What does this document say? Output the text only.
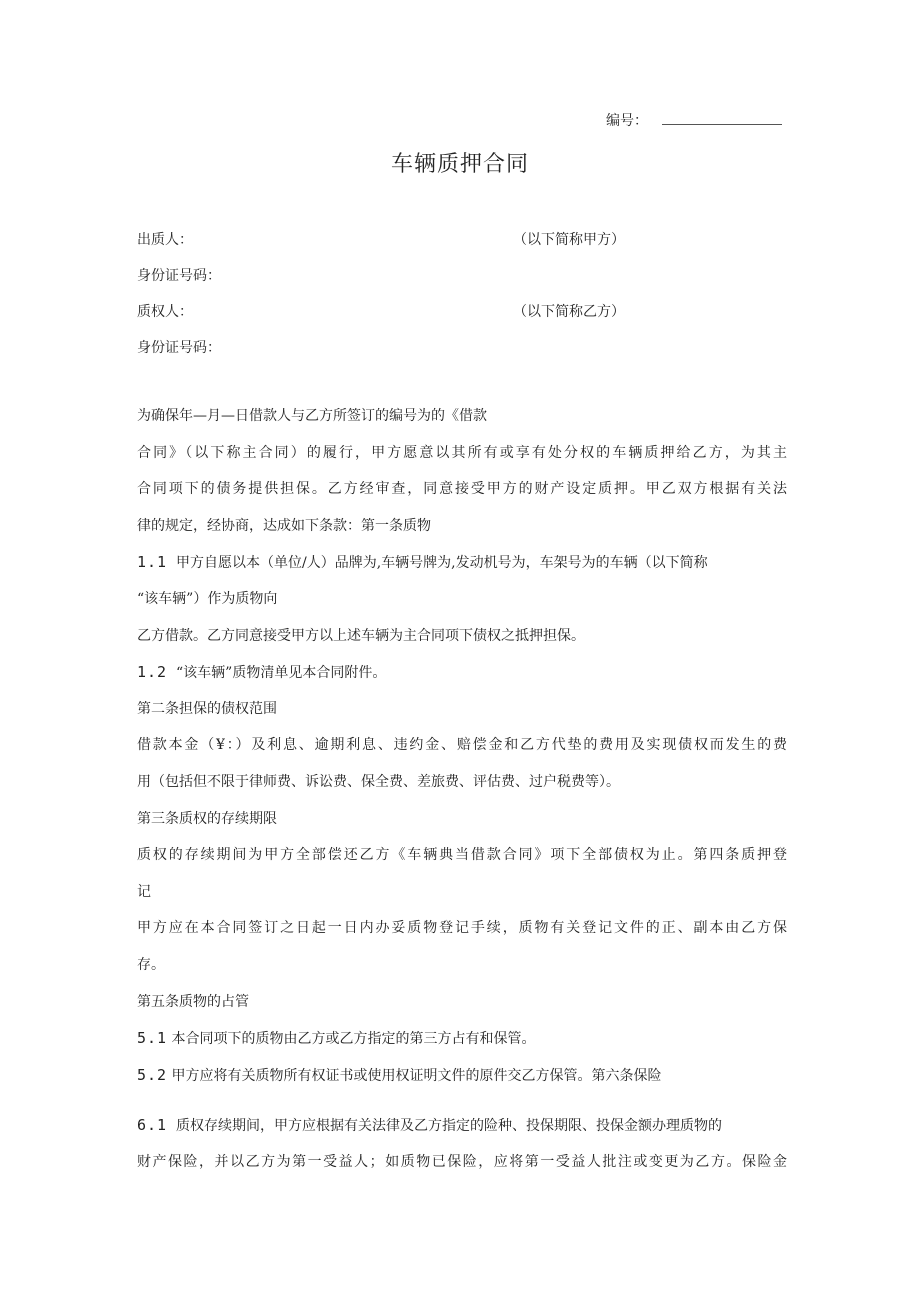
编号：
车辆质押合同
出质人：	（以下简称甲方）
身份证号码：
质权人：	（以下简称乙方）
身份证号码：

为确保年—月—日借款人与乙方所签订的编号为的《借款

合同》（以下称主合同）的履行，甲方愿意以其所有或享有处分权的车辆质押给乙方，为其主

合同项下的债务提供担保。乙方经审查，同意接受甲方的财产设定质押。甲乙双方根据有关法

律的规定，经协商，达成如下条款：第一条质物

1.1 甲方自愿以本（单位/人）品牌为,车辆号牌为,发动机号为，车架号为的车辆（以下简称

“该车辆”）作为质物向

乙方借款。乙方同意接受甲方以上述车辆为主合同项下债权之抵押担保。

1.2 “该车辆”质物清单见本合同附件。

第二条担保的债权范围

借款本金（¥：）及利息、逾期利息、违约金、赔偿金和乙方代垫的费用及实现债权而发生的费

用（包括但不限于律师费、诉讼费、保全费、差旅费、评估费、过户税费等）。

第三条质权的存续期限

质权的存续期间为甲方全部偿还乙方《车辆典当借款合同》项下全部债权为止。第四条质押登

记

甲方应在本合同签订之日起一日内办妥质物登记手续，质物有关登记文件的正、副本由乙方保

存。

第五条质物的占管

5.1 本合同项下的质物由乙方或乙方指定的第三方占有和保管。

5.2 甲方应将有关质物所有权证书或使用权证明文件的原件交乙方保管。第六条保险

6.1 质权存续期间，甲方应根据有关法律及乙方指定的险种、投保期限、投保金额办理质物的

财产保险，并以乙方为第一受益人；如质物已保险，应将第一受益人批注或变更为乙方。保险金
